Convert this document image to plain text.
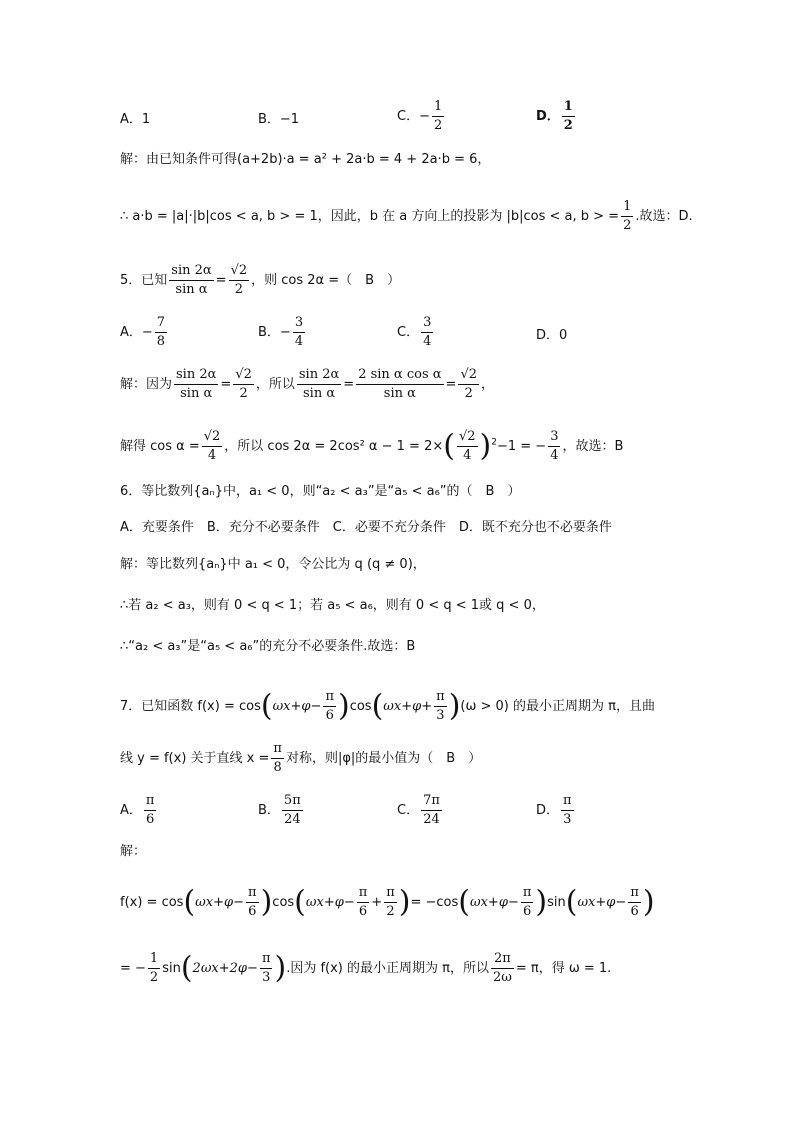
A．1	B．−1	C．− $\frac{1}{2}$	D． $\frac{1}{2}$
解：由已知条件可得(a+2b)·a = a² + 2a·b = 4 + 2a·b = 6，
∴ a·b = |a|·|b|cos < a, b > = 1，因此，b 在 a 方向上的投影为 |b|cos < a, b > = $\frac{1}{2}$ .故选：D.
5．已知 $\frac{\sin 2\alpha}{\text{sin α}} = \frac{√2}{2}$ ，则 cos 2α =（　B　）
A．− $\frac{7}{8}$	B．− $\frac{3}{4}$	C． $\frac{3}{4}$	D．0
解：因为 $\frac{\sin 2\alpha}{\text{sin α}} = \frac{√2}{2}$ ，所以 $\frac{\sin 2\alpha}{\text{sin α}} = \frac{\text{2 sin α cos α}}{\text{sin α}} = \frac{√2}{2}$ ，
解得 $\cos \alpha = \frac{√2}{4}$ ，所以 cos 2α = 2cos² $\alpha - 1 = 2\times( \frac{√2}{4} )^2-1$ = − $\frac{3}{4}$ ，故选：B
6．等比数列{aₙ}中，a₁ < 0，则“a₂ < a₃”是“a₅ < a₆”的（　B　）
A．充要条件　B．充分不必要条件　C．必要不充分条件　D．既不充分也不必要条件
解：等比数列{aₙ}中 a₁ < 0，令公比为 q (q ≠ 0)，
∴若 a₂ < a₃，则有 0 < q < 1；若 a₅ < a₆，则有 0 < q < 1或 q < 0，
∴“a₂ < a₃”是“a₅ < a₆”的充分不必要条件.故选：B
7．已知函数 $f(x) = \cos(\omega x+\varphi- \frac{\pi}{6} )\cos(\omega x+\varphi+ \frac{\pi}{3} )(\omega > 0)$ 的最小正周期为 π，且曲
线 y = f(x) 关于直线 $x = \frac{\pi}{8}$ 对称，则|φ|的最小值为（　B　）
A． $\frac{\pi}{6}$	B． $\frac{5\pi}{24}$	C． $\frac{7\pi}{24}$	D． $\frac{\pi}{3}$
解：
$f(x) = \cos(\omega x+\varphi- \frac{\pi}{6} )\cos(\omega x+\varphi- \frac{\pi}{6} + \frac{\pi}{2}$ )= $-\cos(\omega x+\varphi- \frac{\pi}{6} )\sin(\omega x+\varphi- \frac{\pi}{6}$ )
= − $\frac{1}{2} \sin(2\omega x+2\varphi- \frac{\pi}{3}$ ).因为 f(x) 的最小正周期为 π，所以 $\frac{2\pi}{2\omega} = \pi$，得 ω = 1.
